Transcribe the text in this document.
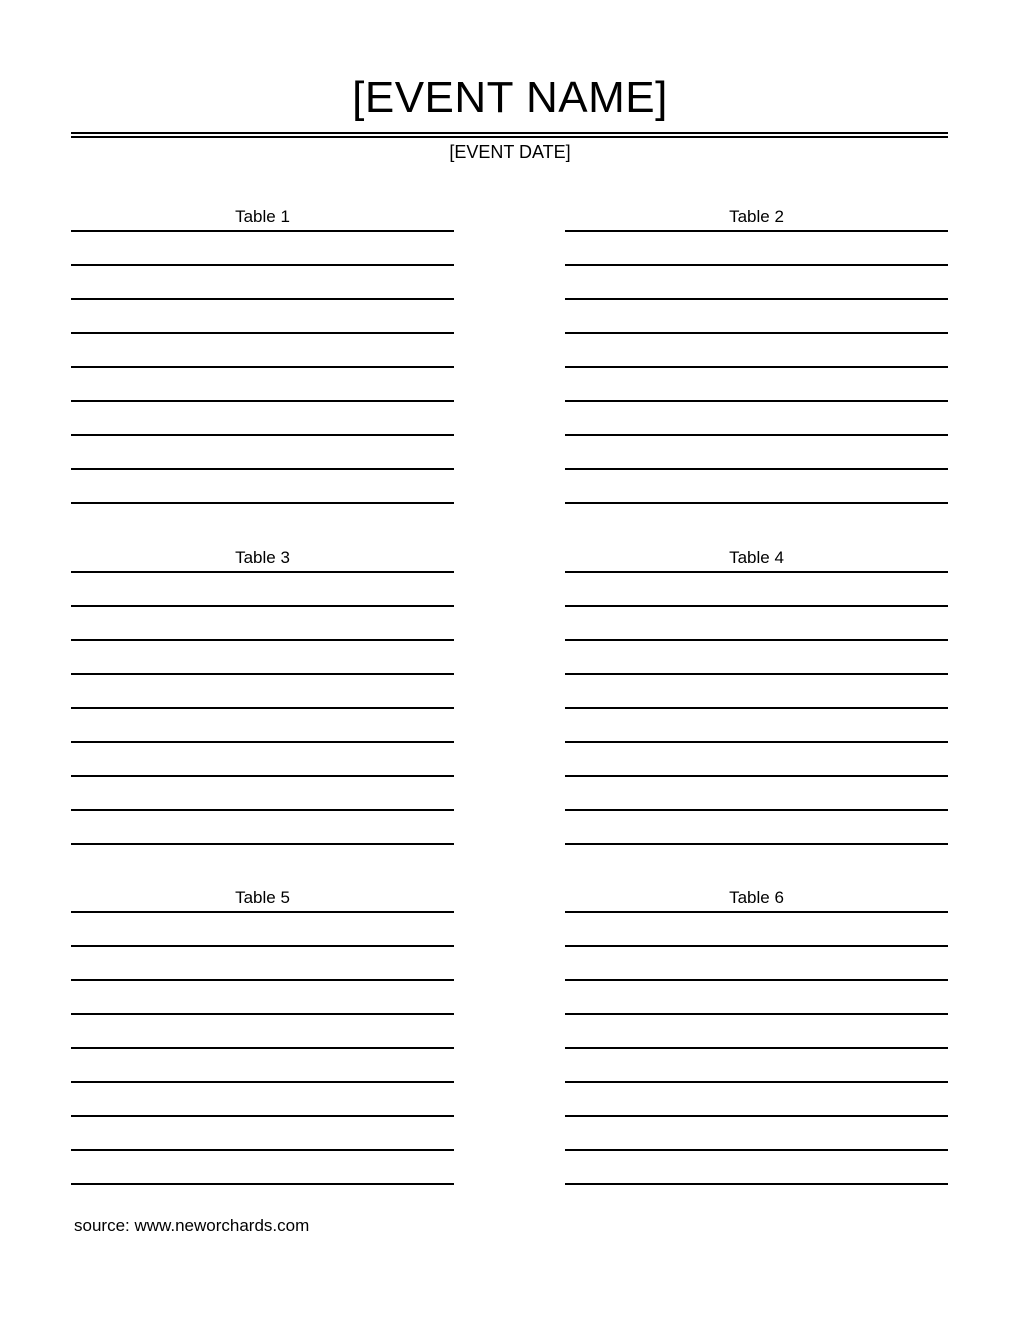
[EVENT NAME]
[EVENT DATE]
Table 1	Table 2
Table 3	Table 4
Table 5	Table 6
source: www.neworchards.com
